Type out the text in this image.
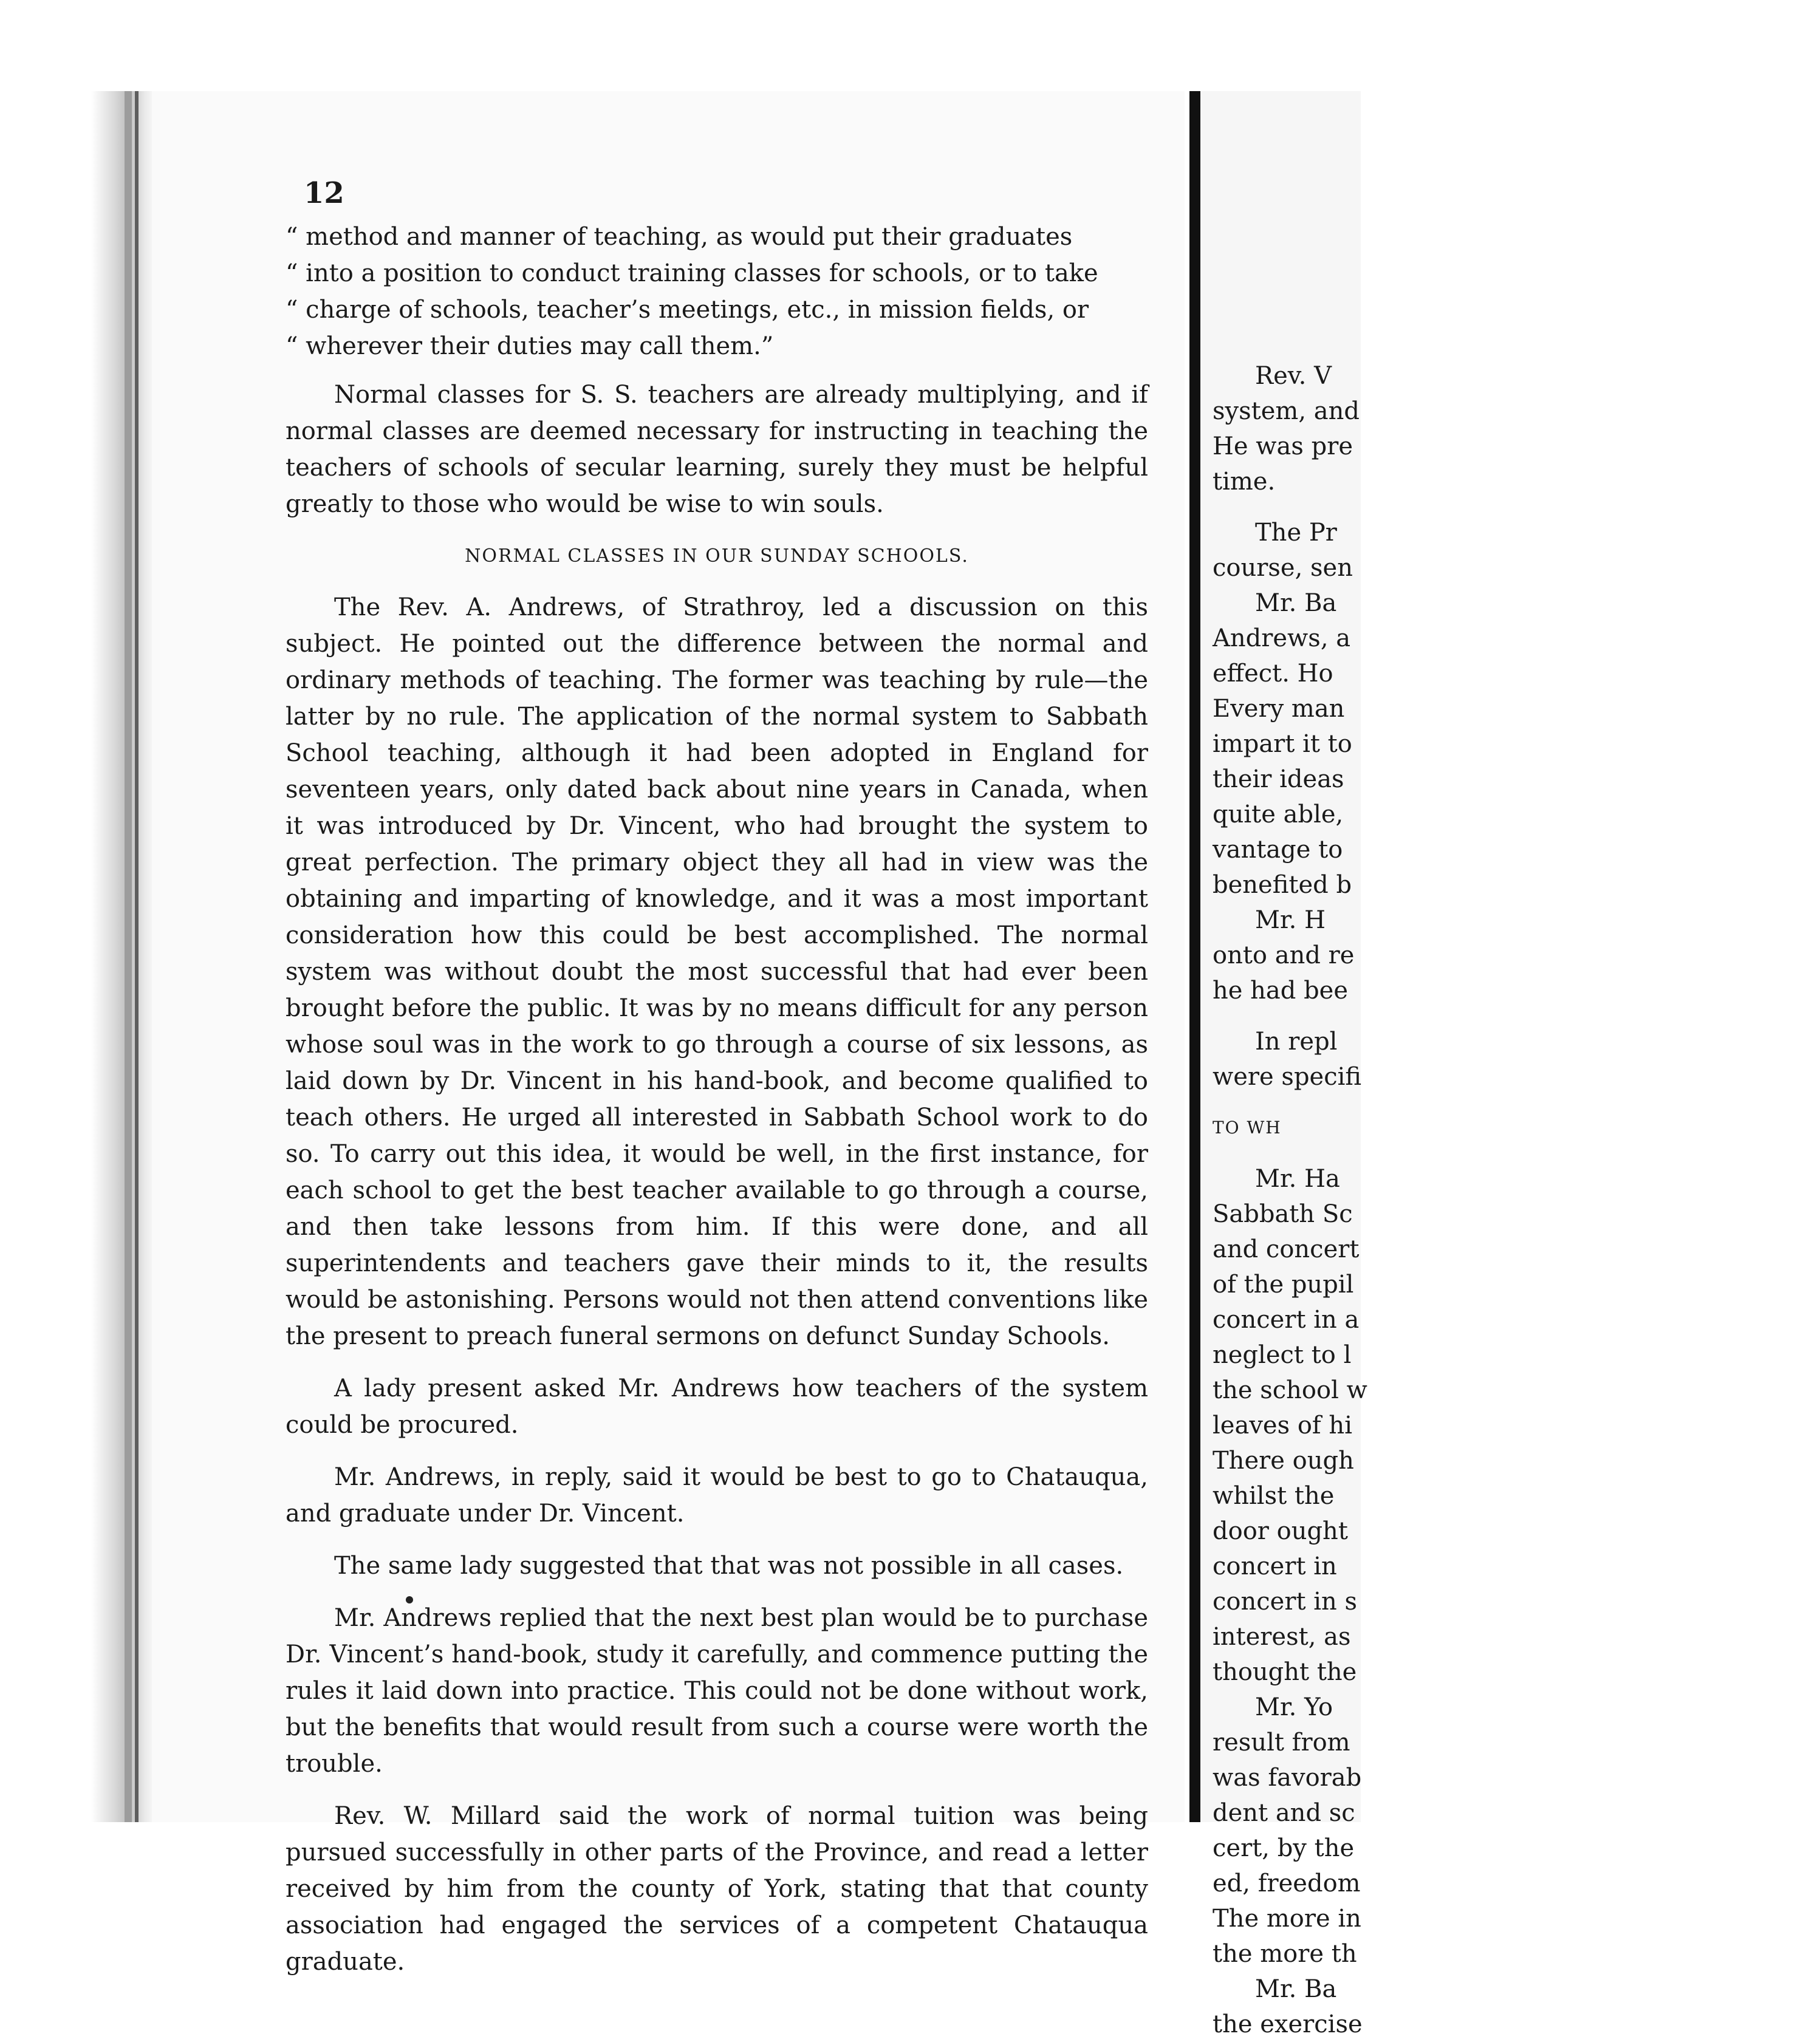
12

“ method and manner of teaching, as would put their graduates

“ into a position to conduct training classes for schools, or to take

“ charge of schools, teacher’s meetings, etc., in mission fields, or

“ wherever their duties may call them.”

Normal classes for S. S. teachers are already multiplying, and if normal classes are deemed necessary for instructing in teaching the teachers of schools of secular learning, surely they must be helpful greatly to those who would be wise to win souls.

NORMAL CLASSES IN OUR SUNDAY SCHOOLS.

The Rev. A. Andrews, of Strathroy, led a discussion on this subject. He pointed out the difference between the normal and ordinary methods of teaching. The former was teaching by rule—the latter by no rule. The application of the normal system to Sabbath School teaching, although it had been adopted in England for seventeen years, only dated back about nine years in Canada, when it was introduced by Dr. Vincent, who had brought the system to great perfection. The primary object they all had in view was the obtaining and imparting of knowledge, and it was a most important consideration how this could be best accomplished. The normal system was without doubt the most successful that had ever been brought before the public. It was by no means difficult for any person whose soul was in the work to go through a course of six lessons, as laid down by Dr. Vincent in his hand-book, and become qualified to teach others. He urged all interested in Sabbath School work to do so. To carry out this idea, it would be well, in the first instance, for each school to get the best teacher available to go through a course, and then take lessons from him. If this were done, and all superintendents and teachers gave their minds to it, the results would be astonishing. Persons would not then attend conventions like the present to preach funeral sermons on defunct Sunday Schools.

A lady present asked Mr. Andrews how teachers of the system could be procured.

Mr. Andrews, in reply, said it would be best to go to Chatauqua, and graduate under Dr. Vincent.

The same lady suggested that that was not possible in all cases.

Mr. Andrews replied that the next best plan would be to purchase Dr. Vincent’s hand-book, study it carefully, and commence putting the rules it laid down into practice. This could not be done without work, but the benefits that would result from such a course were worth the trouble.

Rev. W. Millard said the work of normal tuition was being pursued successfully in other parts of the Province, and read a letter received by him from the county of York, stating that that county association had engaged the services of a competent Chatauqua graduate.

Rev. V
system, and
He was pre
time.
The Pr
course, sen
Mr. Ba
Andrews, a
effect. Ho
Every man
impart it to
their ideas
quite able,
vantage to
benefited b
Mr. H
onto and re
he had bee
In repl
were specifi
TO WH
Mr. Ha
Sabbath Sc
and concert
of the pupil
concert in a
neglect to l
the school w
leaves of hi
There ough
whilst the
door ought
concert in
concert in s
interest, as
thought the
Mr. Yo
result from
was favorab
dent and sc
cert, by the
ed, freedom
The more in
the more th
Mr. Ba
the exercise
